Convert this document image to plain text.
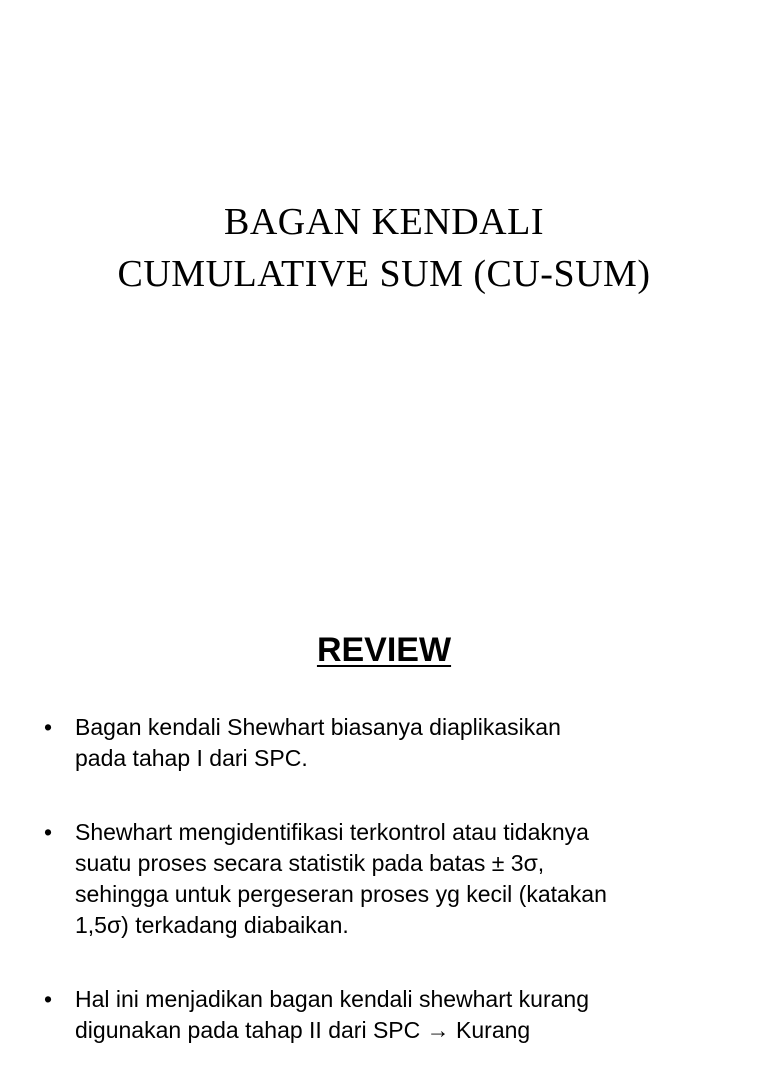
BAGAN KENDALI
CUMULATIVE SUM (CU-SUM)
REVIEW
• Bagan kendali Shewhart biasanya diaplikasikan
pada tahap I dari SPC.
• Shewhart mengidentifikasi terkontrol atau tidaknya
suatu proses secara statistik pada batas ± 3σ,
sehingga untuk pergeseran proses yg kecil (katakan
1,5σ) terkadang diabaikan.
• Hal ini menjadikan bagan kendali shewhart kurang
digunakan pada tahap II dari SPC → Kurang
